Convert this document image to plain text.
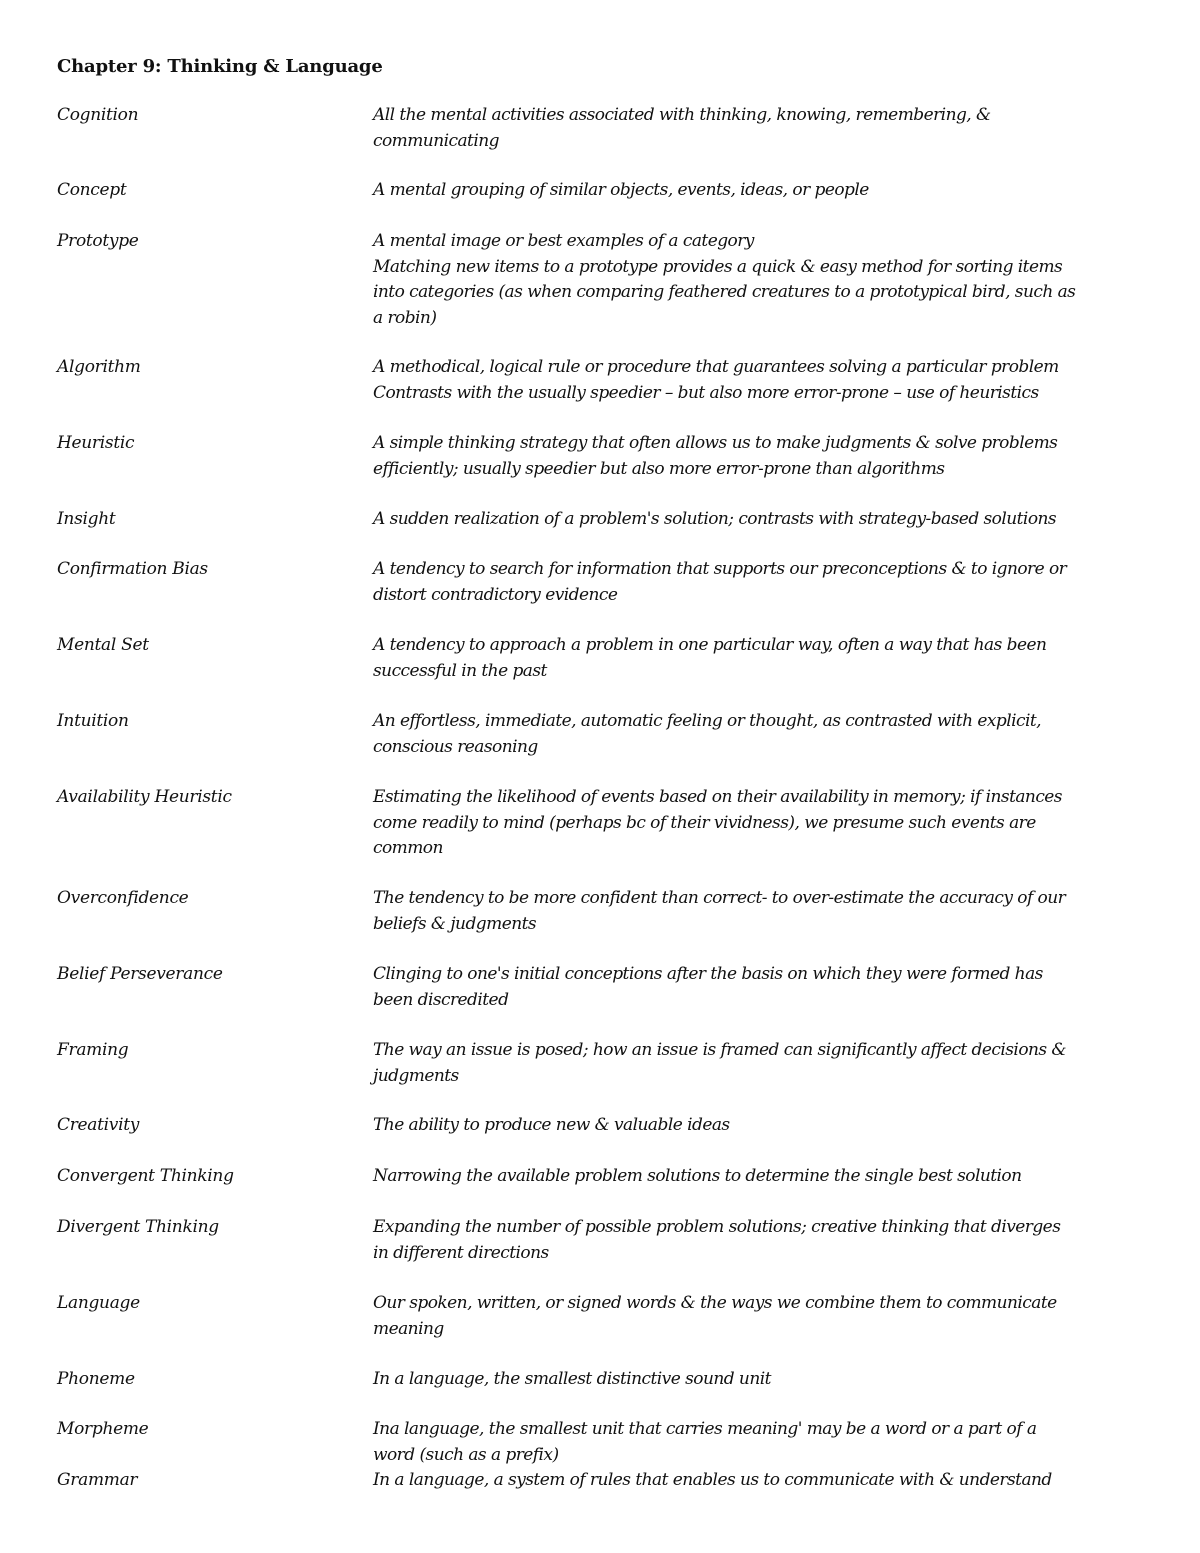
Chapter 9: Thinking & Language
Cognition	All the mental activities associated with thinking, knowing, remembering, &
communicating
Concept	A mental grouping of similar objects, events, ideas, or people
Prototype	A mental image or best examples of a category
Matching new items to a prototype provides a quick & easy method for sorting items
into categories (as when comparing feathered creatures to a prototypical bird, such as
a robin)
Algorithm	A methodical, logical rule or procedure that guarantees solving a particular problem
Contrasts with the usually speedier – but also more error-prone – use of heuristics
Heuristic	A simple thinking strategy that often allows us to make judgments & solve problems
efficiently; usually speedier but also more error-prone than algorithms
Insight	A sudden realization of a problem's solution; contrasts with strategy-based solutions
Confirmation Bias	A tendency to search for information that supports our preconceptions & to ignore or
distort contradictory evidence
Mental Set	A tendency to approach a problem in one particular way, often a way that has been
successful in the past
Intuition	An effortless, immediate, automatic feeling or thought, as contrasted with explicit,
conscious reasoning
Availability Heuristic	Estimating the likelihood of events based on their availability in memory; if instances
come readily to mind (perhaps bc of their vividness), we presume such events are
common
Overconfidence	The tendency to be more confident than correct- to over-estimate the accuracy of our
beliefs & judgments
Belief Perseverance	Clinging to one's initial conceptions after the basis on which they were formed has
been discredited
Framing	The way an issue is posed; how an issue is framed can significantly affect decisions &
judgments
Creativity	The ability to produce new & valuable ideas
Convergent Thinking	Narrowing the available problem solutions to determine the single best solution
Divergent Thinking	Expanding the number of possible problem solutions; creative thinking that diverges
in different directions
Language	Our spoken, written, or signed words & the ways we combine them to communicate
meaning
Phoneme	In a language, the smallest distinctive sound unit
Morpheme	Ina language, the smallest unit that carries meaning' may be a word or a part of a
word (such as a prefix)
Grammar	In a language, a system of rules that enables us to communicate with & understand
